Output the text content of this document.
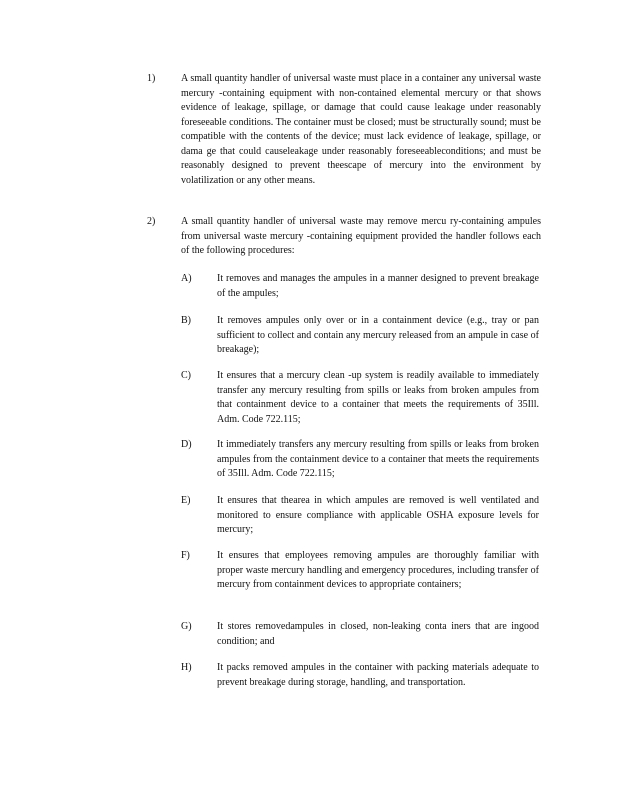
1)	A small quantity handler of universal waste must place in a container any universal waste mercury -containing equipment with non-contained elemental mercury or that shows evidence of leakage, spillage, or damage that could cause leakage under reasonably foreseeable conditions. The container must be closed; must be structurally sound; must be compatible with the contents of the device; must lack evidence of leakage, spillage, or dama ge that could causeleakage under reasonably foreseeableconditions; and must be reasonably designed to prevent theescape of mercury into the environment by volatilization or any other means.
2)	A small quantity handler of universal waste may remove mercu ry-containing ampules from universal waste mercury -containing equipment provided the handler follows each of the following procedures:
A)	It removes and manages the ampules in a manner designed to prevent breakage of the ampules;
B)	It removes ampules only over or in a containment device (e.g., tray or pan sufficient to collect and contain any mercury released from an ampule in case of breakage);
C)	It ensures that a mercury clean -up system is readily available to immediately transfer any mercury resulting from spills or leaks from broken ampules from that containment device to a container that meets the requirements of 35Ill. Adm. Code 722.115;
D)	It immediately transfers any mercury resulting from spills or leaks from broken ampules from the containment device to a container that meets the requirements of 35Ill. Adm. Code 722.115;
E)	It ensures that thearea in which ampules are removed is well ventilated and monitored to ensure compliance with applicable OSHA exposure levels for mercury;
F)	It ensures that employees removing ampules are thoroughly familiar with proper waste mercury handling and emergency procedures, including transfer of mercury from containment devices to appropriate containers;
G)	It stores removedampules in closed, non-leaking conta iners that are ingood condition; and
H)	It packs removed ampules in the container with packing materials adequate to prevent breakage during storage, handling, and transportation.
